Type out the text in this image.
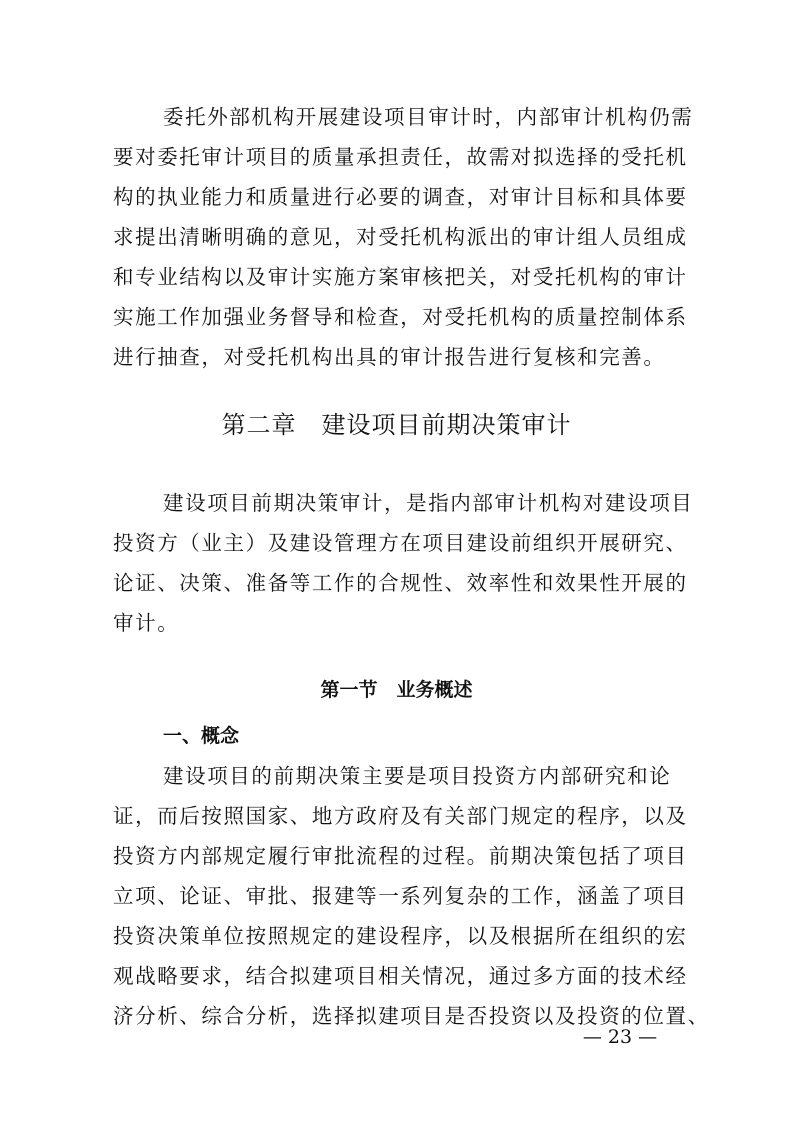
委托外部机构开展建设项目审计时，内部审计机构仍需
要对委托审计项目的质量承担责任，故需对拟选择的受托机
构的执业能力和质量进行必要的调查，对审计目标和具体要
求提出清晰明确的意见，对受托机构派出的审计组人员组成
和专业结构以及审计实施方案审核把关，对受托机构的审计
实施工作加强业务督导和检查，对受托机构的质量控制体系
进行抽查，对受托机构出具的审计报告进行复核和完善。
第二章　建设项目前期决策审计
建设项目前期决策审计，是指内部审计机构对建设项目
投资方（业主）及建设管理方在项目建设前组织开展研究、
论证、决策、准备等工作的合规性、效率性和效果性开展的
审计。
第一节　业务概述
一、概念
建设项目的前期决策主要是项目投资方内部研究和论
证，而后按照国家、地方政府及有关部门规定的程序，以及
投资方内部规定履行审批流程的过程。前期决策包括了项目
立项、论证、审批、报建等一系列复杂的工作，涵盖了项目
投资决策单位按照规定的建设程序，以及根据所在组织的宏
观战略要求，结合拟建项目相关情况，通过多方面的技术经
济分析、综合分析，选择拟建项目是否投资以及投资的位置、
— 23 —
